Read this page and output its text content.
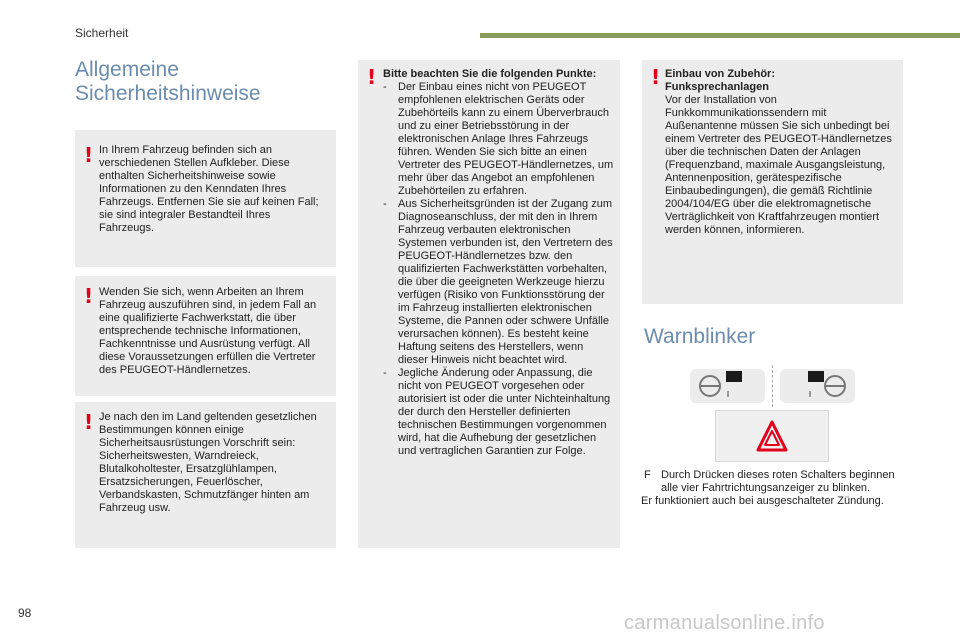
Sicherheit
Allgemeine
Sicherheitshinweise
! In Ihrem Fahrzeug befinden sich an verschiedenen Stellen Aufkleber. Diese enthalten Sicherheitshinweise sowie Informationen zu den Kenndaten Ihres Fahrzeugs. Entfernen Sie sie auf keinen Fall; sie sind integraler Bestandteil Ihres Fahrzeugs.
! Wenden Sie sich, wenn Arbeiten an Ihrem Fahrzeug auszuführen sind, in jedem Fall an eine qualifizierte Fachwerkstatt, die über entsprechende technische Informationen, Fachkenntnisse und Ausrüstung verfügt. All diese Voraussetzungen erfüllen die Vertreter des PEUGEOT-Händlernetzes.
! Je nach den im Land geltenden gesetzlichen Bestimmungen können einige Sicherheitsausrüstungen Vorschrift sein: Sicherheitswesten, Warndreieck, Blutalkoholtester, Ersatzglühlampen, Ersatzsicherungen, Feuerlöscher, Verbandskasten, Schmutzfänger hinten am Fahrzeug usw.
! Bitte beachten Sie die folgenden Punkte:
- Der Einbau eines nicht von PEUGEOT empfohlenen elektrischen Geräts oder Zubehörteils kann zu einem Überverbrauch und zu einer Betriebsstörung in der elektronischen Anlage Ihres Fahrzeugs führen. Wenden Sie sich bitte an einen Vertreter des PEUGEOT-Händlernetzes, um mehr über das Angebot an empfohlenen Zubehörteilen zu erfahren.
- Aus Sicherheitsgründen ist der Zugang zum Diagnoseanschluss, der mit den in Ihrem Fahrzeug verbauten elektronischen Systemen verbunden ist, den Vertretern des PEUGEOT-Händlernetzes bzw. den qualifizierten Fachwerkstätten vorbehalten, die über die geeigneten Werkzeuge hierzu verfügen (Risiko von Funktionsstörung der im Fahrzeug installierten elektronischen Systeme, die Pannen oder schwere Unfälle verursachen können). Es besteht keine Haftung seitens des Herstellers, wenn dieser Hinweis nicht beachtet wird.
- Jegliche Änderung oder Anpassung, die nicht von PEUGEOT vorgesehen oder autorisiert ist oder die unter Nichteinhaltung der durch den Hersteller definierten technischen Bestimmungen vorgenommen wird, hat die Aufhebung der gesetzlichen und vertraglichen Garantien zur Folge.
! Einbau von Zubehör:
Funksprechanlagen
Vor der Installation von Funkkommunikationssendern mit Außenantenne müssen Sie sich unbedingt bei einem Vertreter des PEUGEOT-Händlernetzes über die technischen Daten der Anlagen (Frequenzband, maximale Ausgangsleistung, Antennenposition, gerätespezifische Einbaubedingungen), die gemäß Richtlinie 2004/104/EG über die elektromagnetische Verträglichkeit von Kraftfahrzeugen montiert werden können, informieren.
Warnblinker
F Durch Drücken dieses roten Schalters beginnen alle vier Fahrtrichtungsanzeiger zu blinken.
Er funktioniert auch bei ausgeschalteter Zündung.
98	carmanualsonline.info
